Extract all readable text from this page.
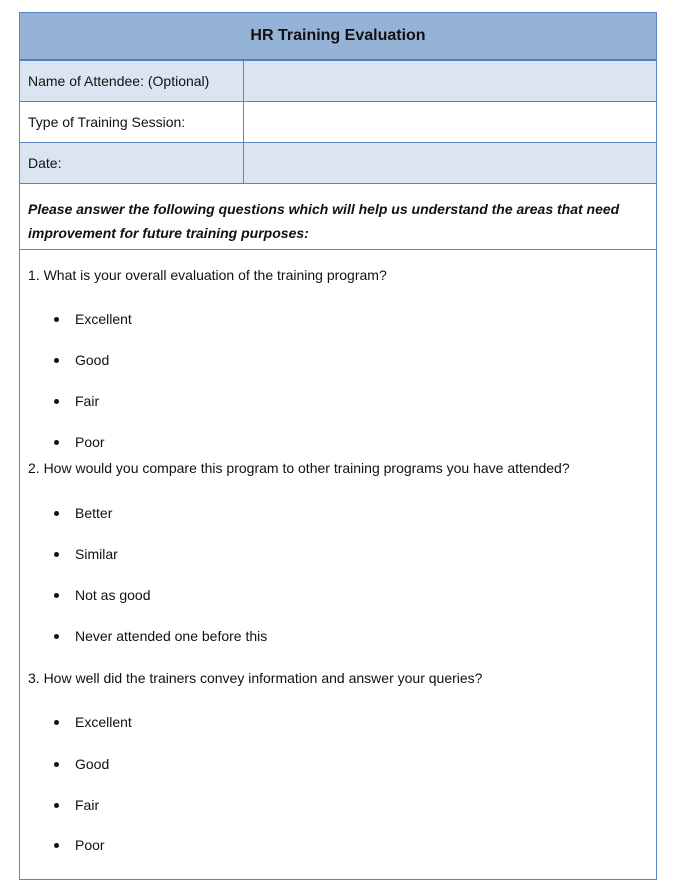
HR Training Evaluation
Name of Attendee: (Optional)
Type of Training Session:
Date:
Please answer the following questions which will help us understand the areas that need improvement for future training purposes:
1. What is your overall evaluation of the training program?
Excellent
Good
Fair
Poor
2. How would you compare this program to other training programs you have attended?
Better
Similar
Not as good
Never attended one before this
3. How well did the trainers convey information and answer your queries?
Excellent
Good
Fair
Poor
